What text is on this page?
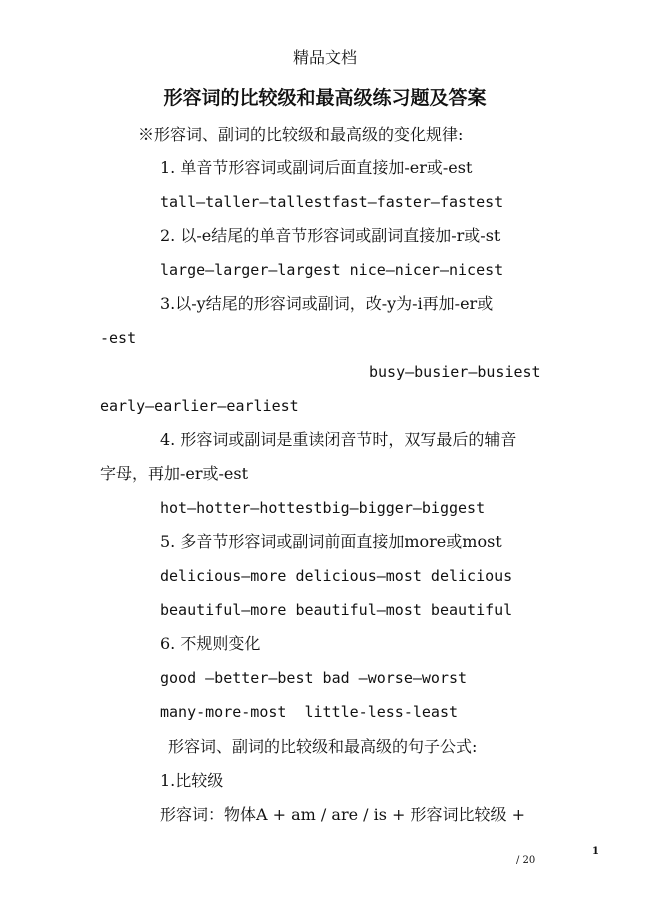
精品文档
形容词的比较级和最高级练习题及答案
※形容词、副词的比较级和最高级的变化规律:
1. 单音节形容词或副词后面直接加-er或-est
tall—taller—tallestfast—faster—fastest
2. 以-e结尾的单音节形容词或副词直接加-r或-st
large—larger—largest nice—nicer—nicest
3.以-y结尾的形容词或副词，改-y为-i再加-er或
-est
busy—busier—busiest
early—earlier—earliest
4. 形容词或副词是重读闭音节时，双写最后的辅音
字母，再加-er或-est
hot—hotter—hottestbig—bigger—biggest
5. 多音节形容词或副词前面直接加more或most
delicious—more delicious—most delicious
beautiful—more beautiful—most beautiful
6. 不规则变化
good —better—best bad —worse—worst
many-more-most  little-less-least
形容词、副词的比较级和最高级的句子公式:
1.比较级
形容词：物体A + am / are / is + 形容词比较级 +
1
/ 20
